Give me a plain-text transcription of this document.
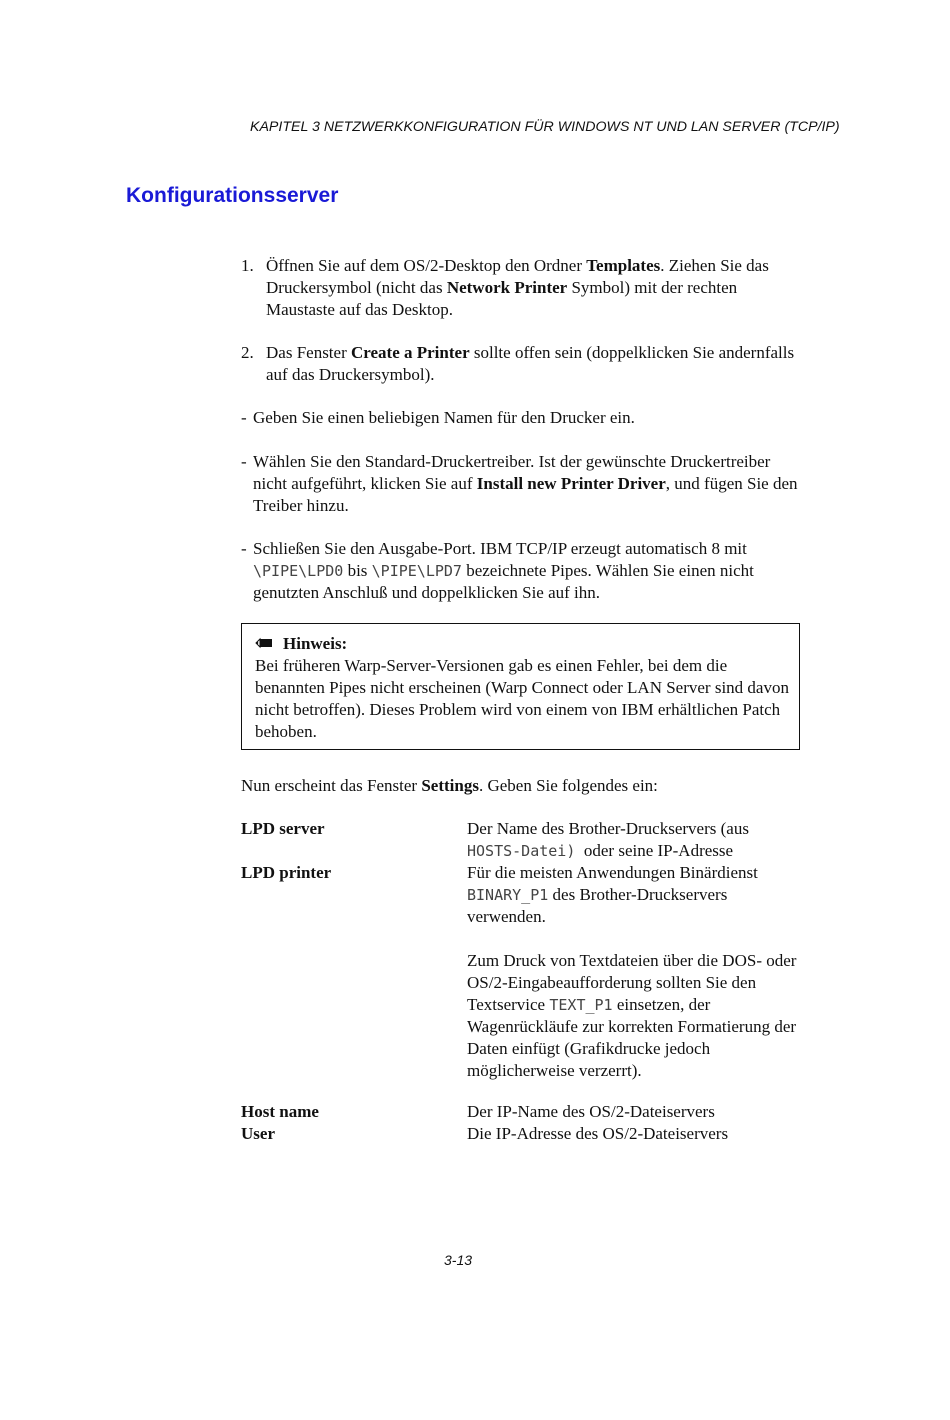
KAPITEL 3 NETZWERKKONFIGURATION FÜR WINDOWS NT UND LAN SERVER (TCP/IP)
Konfigurationsserver
1. Öffnen Sie auf dem OS/2-Desktop den Ordner Templates. Ziehen Sie das Druckersymbol (nicht das Network Printer Symbol) mit der rechten Maustaste auf das Desktop.
2. Das Fenster Create a Printer sollte offen sein (doppelklicken Sie andernfalls auf das Druckersymbol).
- Geben Sie einen beliebigen Namen für den Drucker ein.
- Wählen Sie den Standard-Druckertreiber. Ist der gewünschte Druckertreiber nicht aufgeführt, klicken Sie auf Install new Printer Driver, und fügen Sie den Treiber hinzu.
- Schließen Sie den Ausgabe-Port. IBM TCP/IP erzeugt automatisch 8 mit \PIPE\LPD0 bis \PIPE\LPD7 bezeichnete Pipes. Wählen Sie einen nicht genutzten Anschluß und doppelklicken Sie auf ihn.
Hinweis:
Bei früheren Warp-Server-Versionen gab es einen Fehler, bei dem die benannten Pipes nicht erscheinen (Warp Connect oder LAN Server sind davon nicht betroffen). Dieses Problem wird von einem von IBM erhältlichen Patch behoben.
Nun erscheint das Fenster Settings. Geben Sie folgendes ein:
LPD server	Der Name des Brother-Druckservers (aus HOSTS-Datei)  oder seine IP-Adresse

LPD printer	Für die meisten Anwendungen Binärdienst BINARY_P1 des Brother-Druckservers verwenden.

Zum Druck von Textdateien über die DOS- oder OS/2-Eingabeaufforderung sollten Sie den Textservice TEXT_P1 einsetzen, der Wagenrückläufe zur korrekten Formatierung der Daten einfügt (Grafikdrucke jedoch möglicherweise verzerrt).

Host name	Der IP-Name des OS/2-Dateiservers

User	Die IP-Adresse des OS/2-Dateiservers

3-13
